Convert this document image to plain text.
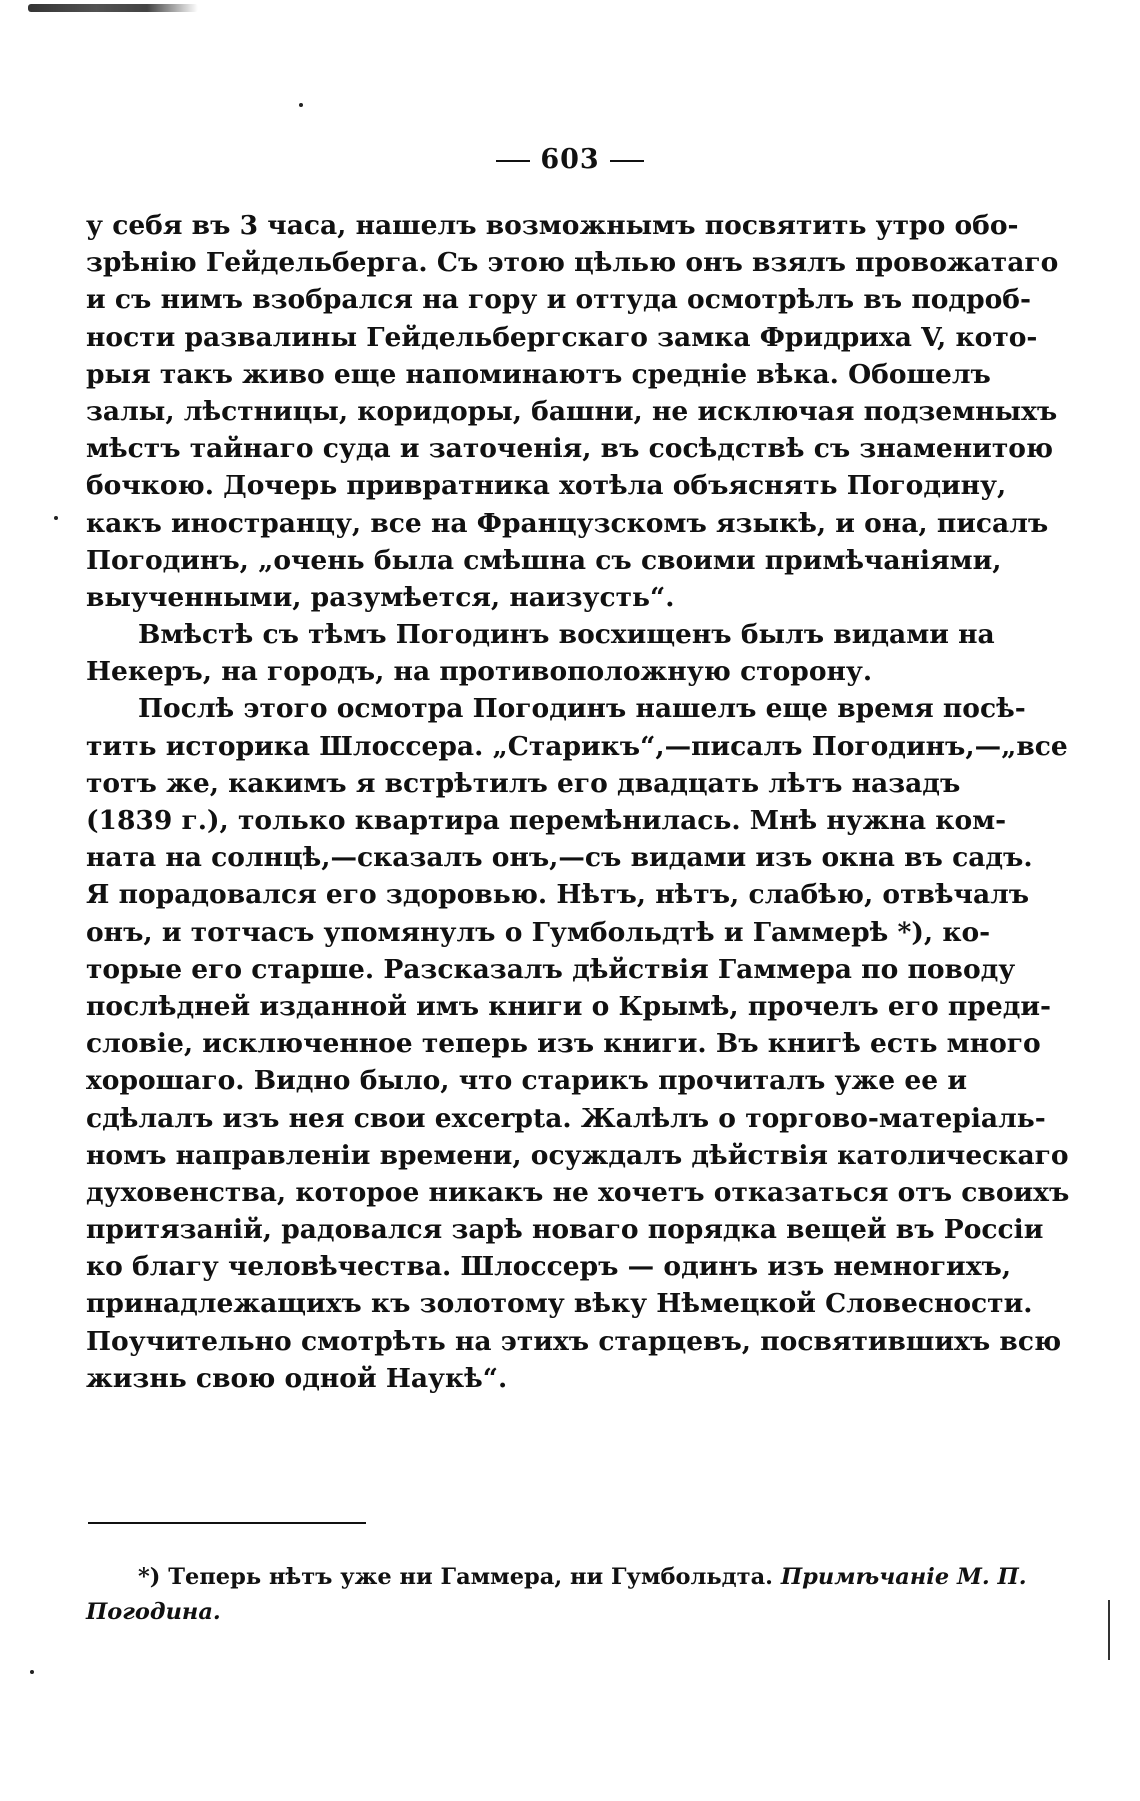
603
у себя въ 3 часа, нашелъ возможнымъ посвятить утро обо-
зрѣнію Гейдельберга. Съ этою цѣлью онъ взялъ провожатаго
и съ нимъ взобрался на гору и оттуда осмотрѣлъ въ подроб-
ности развалины Гейдельбергскаго замка Фридриха V, кото-
рыя такъ живо еще напоминаютъ средніе вѣка. Обошелъ
залы, лѣстницы, коридоры, башни, не исключая подземныхъ
мѣстъ тайнаго суда и заточенія, въ сосѣдствѣ съ знаменитою
бочкою. Дочерь привратника хотѣла объяснять Погодину,
какъ иностранцу, все на Французскомъ языкѣ, и она, писалъ
Погодинъ, „очень была смѣшна съ своими примѣчаніями,
выученными, разумѣется, наизусть“.
Вмѣстѣ съ тѣмъ Погодинъ восхищенъ былъ видами на
Некеръ, на городъ, на противоположную сторону.
Послѣ этого осмотра Погодинъ нашелъ еще время посѣ-
тить историка Шлоссера. „Старикъ“,—писалъ Погодинъ,—„все
тотъ же, какимъ я встрѣтилъ его двадцать лѣтъ назадъ
(1839 г.), только квартира перемѣнилась. Мнѣ нужна ком-
ната на солнцѣ,—сказалъ онъ,—съ видами изъ окна въ садъ.
Я порадовался его здоровью. Нѣтъ, нѣтъ, слабѣю, отвѣчалъ
онъ, и тотчасъ упомянулъ о Гумбольдтѣ и Гаммерѣ *), ко-
торые его старше. Разсказалъ дѣйствія Гаммера по поводу
послѣдней изданной имъ книги о Крымѣ, прочелъ его преди-
словіе, исключенное теперь изъ книги. Въ книгѣ есть много
хорошаго. Видно было, что старикъ прочиталъ уже ее и
сдѣлалъ изъ нея свои excerpta. Жалѣлъ о торгово-матеріаль-
номъ направленіи времени, осуждалъ дѣйствія католическаго
духовенства, которое никакъ не хочетъ отказаться отъ своихъ
притязаній, радовался зарѣ новаго порядка вещей въ Россіи
ко благу человѣчества. Шлоссеръ — одинъ изъ немногихъ,
принадлежащихъ къ золотому вѣку Нѣмецкой Словесности.
Поучительно смотрѣть на этихъ старцевъ, посвятившихъ всю
жизнь свою одной Наукѣ“.
*) Теперь нѣтъ уже ни Гаммера, ни Гумбольдта. Примѣчаніе М. П.
Погодина.
